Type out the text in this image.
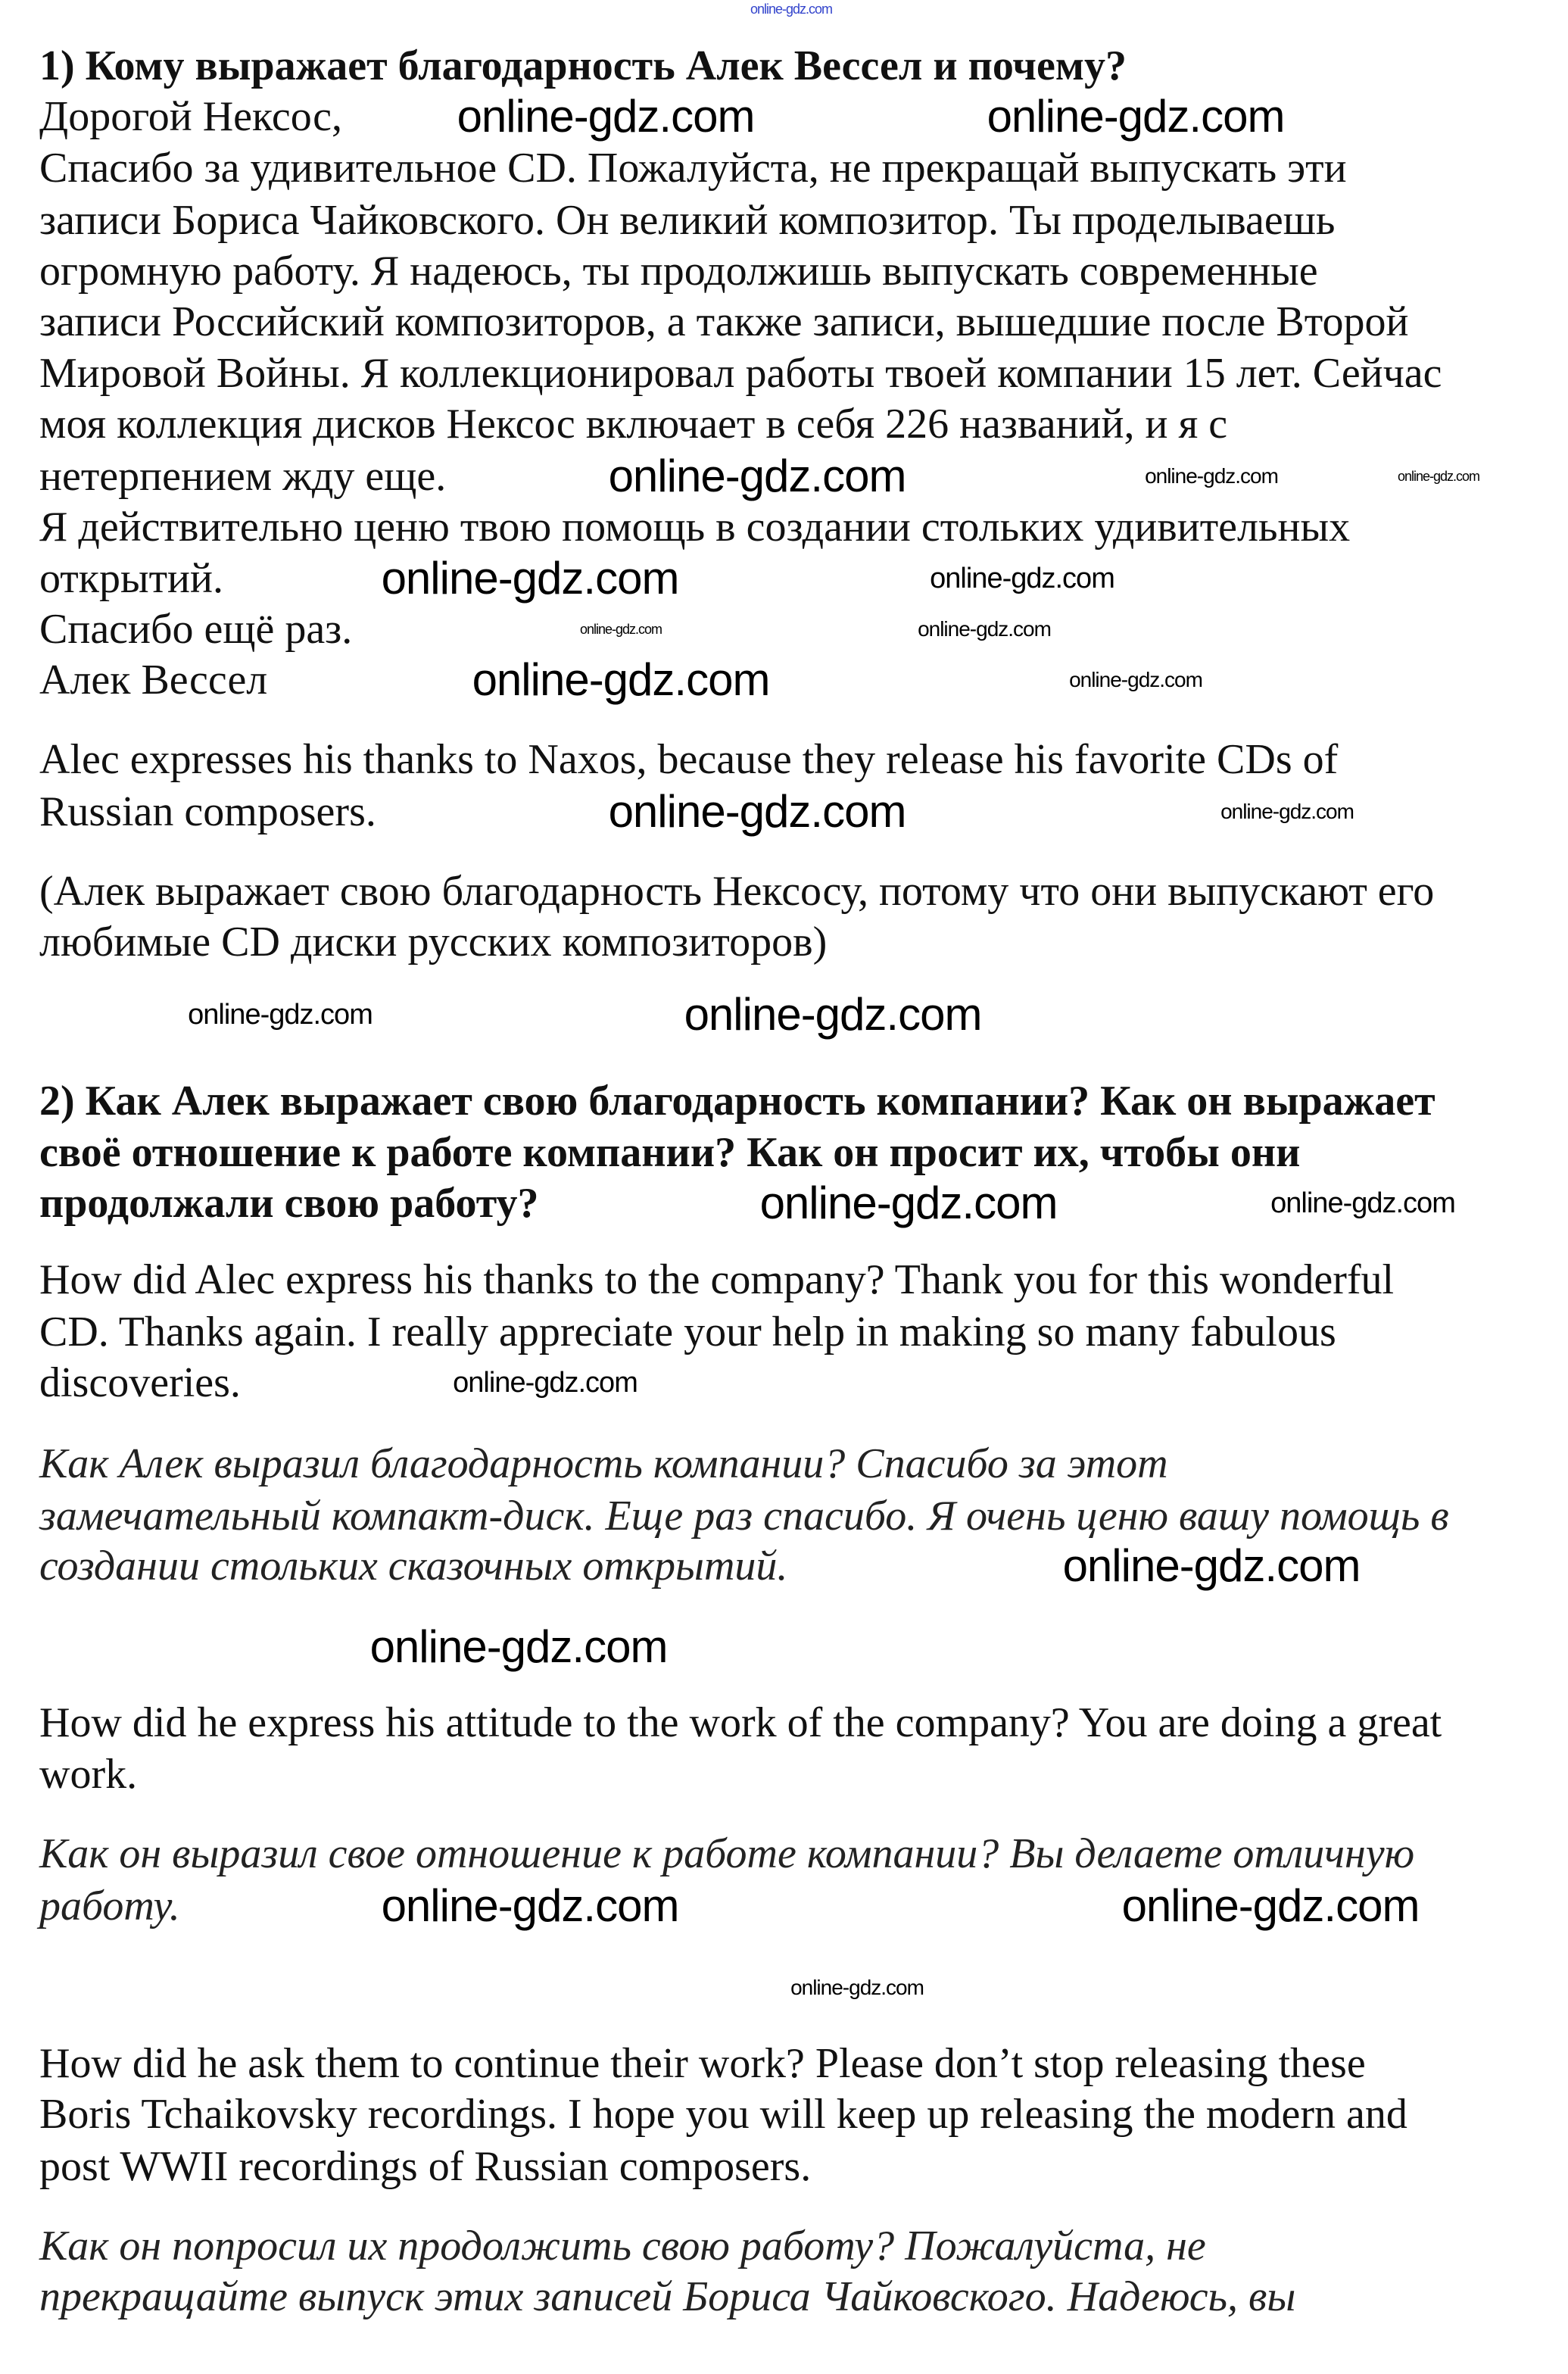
online-gdz.com
1) Кому выражает благодарность Алек Вессел и почему?
Дорогой Нексос,
Спасибо за удивительное CD. Пожалуйста, не прекращай выпускать эти
записи Бориса Чайковского. Он великий композитор. Ты проделываешь
огромную работу. Я надеюсь, ты продолжишь выпускать современные
записи Российский композиторов, а также записи, вышедшие после Второй
Мировой Войны. Я коллекционировал работы твоей компании 15 лет. Сейчас
моя коллекция дисков Нексос включает в себя 226 названий, и я с
нетерпением жду еще.
Я действительно ценю твою помощь в создании стольких удивительных
открытий.
Спасибо ещё раз.
Алек Вессел
Alec expresses his thanks to Naxos, because they release his favorite CDs of
Russian composers.
(Алек выражает свою благодарность Нексосу, потому что они выпускают его
любимые CD диски русских композиторов)
2) Как Алек выражает свою благодарность компании? Как он выражает
своё отношение к работе компании? Как он просит их, чтобы они
продолжали свою работу?
How did Alec express his thanks to the company? Thank you for this wonderful
CD. Thanks again. I really appreciate your help in making so many fabulous
discoveries.
Как Алек выразил благодарность компании? Спасибо за этот
замечательный компакт-диск. Еще раз спасибо. Я очень ценю вашу помощь в
создании стольких сказочных открытий.
How did he express his attitude to the work of the company? You are doing a great
work.
Как он выразил свое отношение к работе компании? Вы делаете отличную
работу.
How did he ask them to continue their work? Please don’t stop releasing these
Boris Tchaikovsky recordings. I hope you will keep up releasing the modern and
post WWII recordings of Russian composers.
Как он попросил их продолжить свою работу? Пожалуйста, не
прекращайте выпуск этих записей Бориса Чайковского. Надеюсь, вы
online-gdz.com	online-gdz.com
online-gdz.com	online-gdz.com	online-gdz.com
online-gdz.com	online-gdz.com
online-gdz.com	online-gdz.com
online-gdz.com	online-gdz.com
online-gdz.com	online-gdz.com
online-gdz.com	online-gdz.com
online-gdz.com	online-gdz.com
online-gdz.com
online-gdz.com
online-gdz.com
online-gdz.com	online-gdz.com
online-gdz.com
